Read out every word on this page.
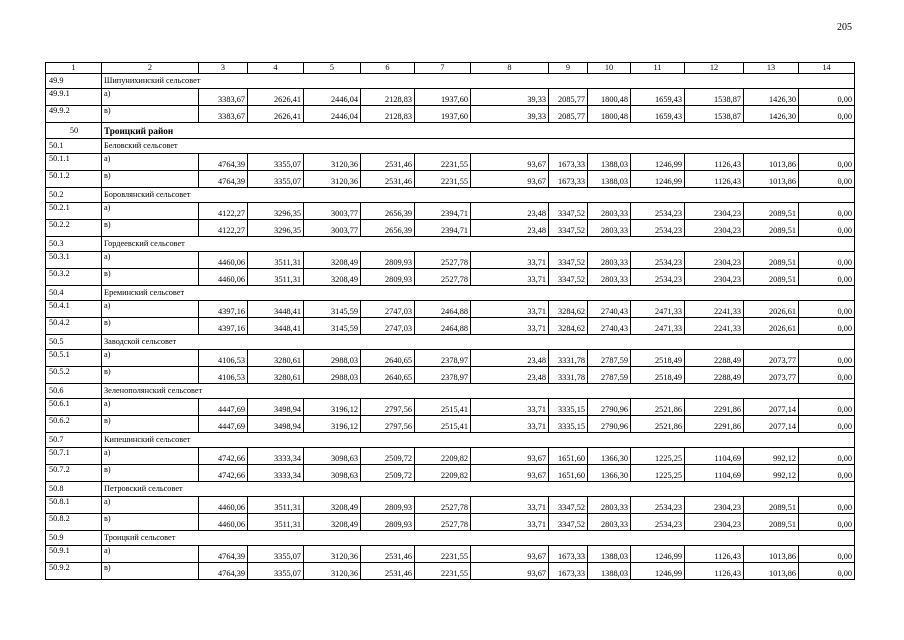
205
1	2	3	4	5	6	7	8	9	10	11	12	13	14
49.9	Шипунихинский сельсовет												
49.9.1	а)	3383,67	2626,41	2446,04	2128,83	1937,60	39,33	2085,77	1800,48	1659,43	1538,87	1426,30	0,00
49.9.2	в)	3383,67	2626,41	2446,04	2128,83	1937,60	39,33	2085,77	1800,48	1659,43	1538,87	1426,30	0,00
50	Троицкий район												
50.1	Беловский сельсовет												
50.1.1	а)	4764,39	3355,07	3120,36	2531,46	2231,55	93,67	1673,33	1388,03	1246,99	1126,43	1013,86	0,00
50.1.2	в)	4764,39	3355,07	3120,36	2531,46	2231,55	93,67	1673,33	1388,03	1246,99	1126,43	1013,86	0,00
50.2	Боровлянский сельсовет												
50.2.1	а)	4122,27	3296,35	3003,77	2656,39	2394,71	23,48	3347,52	2803,33	2534,23	2304,23	2089,51	0,00
50.2.2	в)	4122,27	3296,35	3003,77	2656,39	2394,71	23,48	3347,52	2803,33	2534,23	2304,23	2089,51	0,00
50.3	Гордеевский сельсовет												
50.3.1	а)	4460,06	3511,31	3208,49	2809,93	2527,78	33,71	3347,52	2803,33	2534,23	2304,23	2089,51	0,00
50.3.2	в)	4460,06	3511,31	3208,49	2809,93	2527,78	33,71	3347,52	2803,33	2534,23	2304,23	2089,51	0,00
50.4	Ереминский сельсовет												
50.4.1	а)	4397,16	3448,41	3145,59	2747,03	2464,88	33,71	3284,62	2740,43	2471,33	2241,33	2026,61	0,00
50.4.2	в)	4397,16	3448,41	3145,59	2747,03	2464,88	33,71	3284,62	2740,43	2471,33	2241,33	2026,61	0,00
50.5	Заводской сельсовет												
50.5.1	а)	4106,53	3280,61	2988,03	2640,65	2378,97	23,48	3331,78	2787,59	2518,49	2288,49	2073,77	0,00
50.5.2	в)	4106,53	3280,61	2988,03	2640,65	2378,97	23,48	3331,78	2787,59	2518,49	2288,49	2073,77	0,00
50.6	Зеленополянский сельсовет												
50.6.1	а)	4447,69	3498,94	3196,12	2797,56	2515,41	33,71	3335,15	2790,96	2521,86	2291,86	2077,14	0,00
50.6.2	в)	4447,69	3498,94	3196,12	2797,56	2515,41	33,71	3335,15	2790,96	2521,86	2291,86	2077,14	0,00
50.7	Кипешинский сельсовет												
50.7.1	а)	4742,66	3333,34	3098,63	2509,72	2209,82	93,67	1651,60	1366,30	1225,25	1104,69	992,12	0,00
50.7.2	в)	4742,66	3333,34	3098,63	2509,72	2209,82	93,67	1651,60	1366,30	1225,25	1104,69	992,12	0,00
50.8	Петровский сельсовет												
50.8.1	а)	4460,06	3511,31	3208,49	2809,93	2527,78	33,71	3347,52	2803,33	2534,23	2304,23	2089,51	0,00
50.8.2	в)	4460,06	3511,31	3208,49	2809,93	2527,78	33,71	3347,52	2803,33	2534,23	2304,23	2089,51	0,00
50.9	Троицкий сельсовет												
50.9.1	а)	4764,39	3355,07	3120,36	2531,46	2231,55	93,67	1673,33	1388,03	1246,99	1126,43	1013,86	0,00
50.9.2	в)	4764,39	3355,07	3120,36	2531,46	2231,55	93,67	1673,33	1388,03	1246,99	1126,43	1013,86	0,00
